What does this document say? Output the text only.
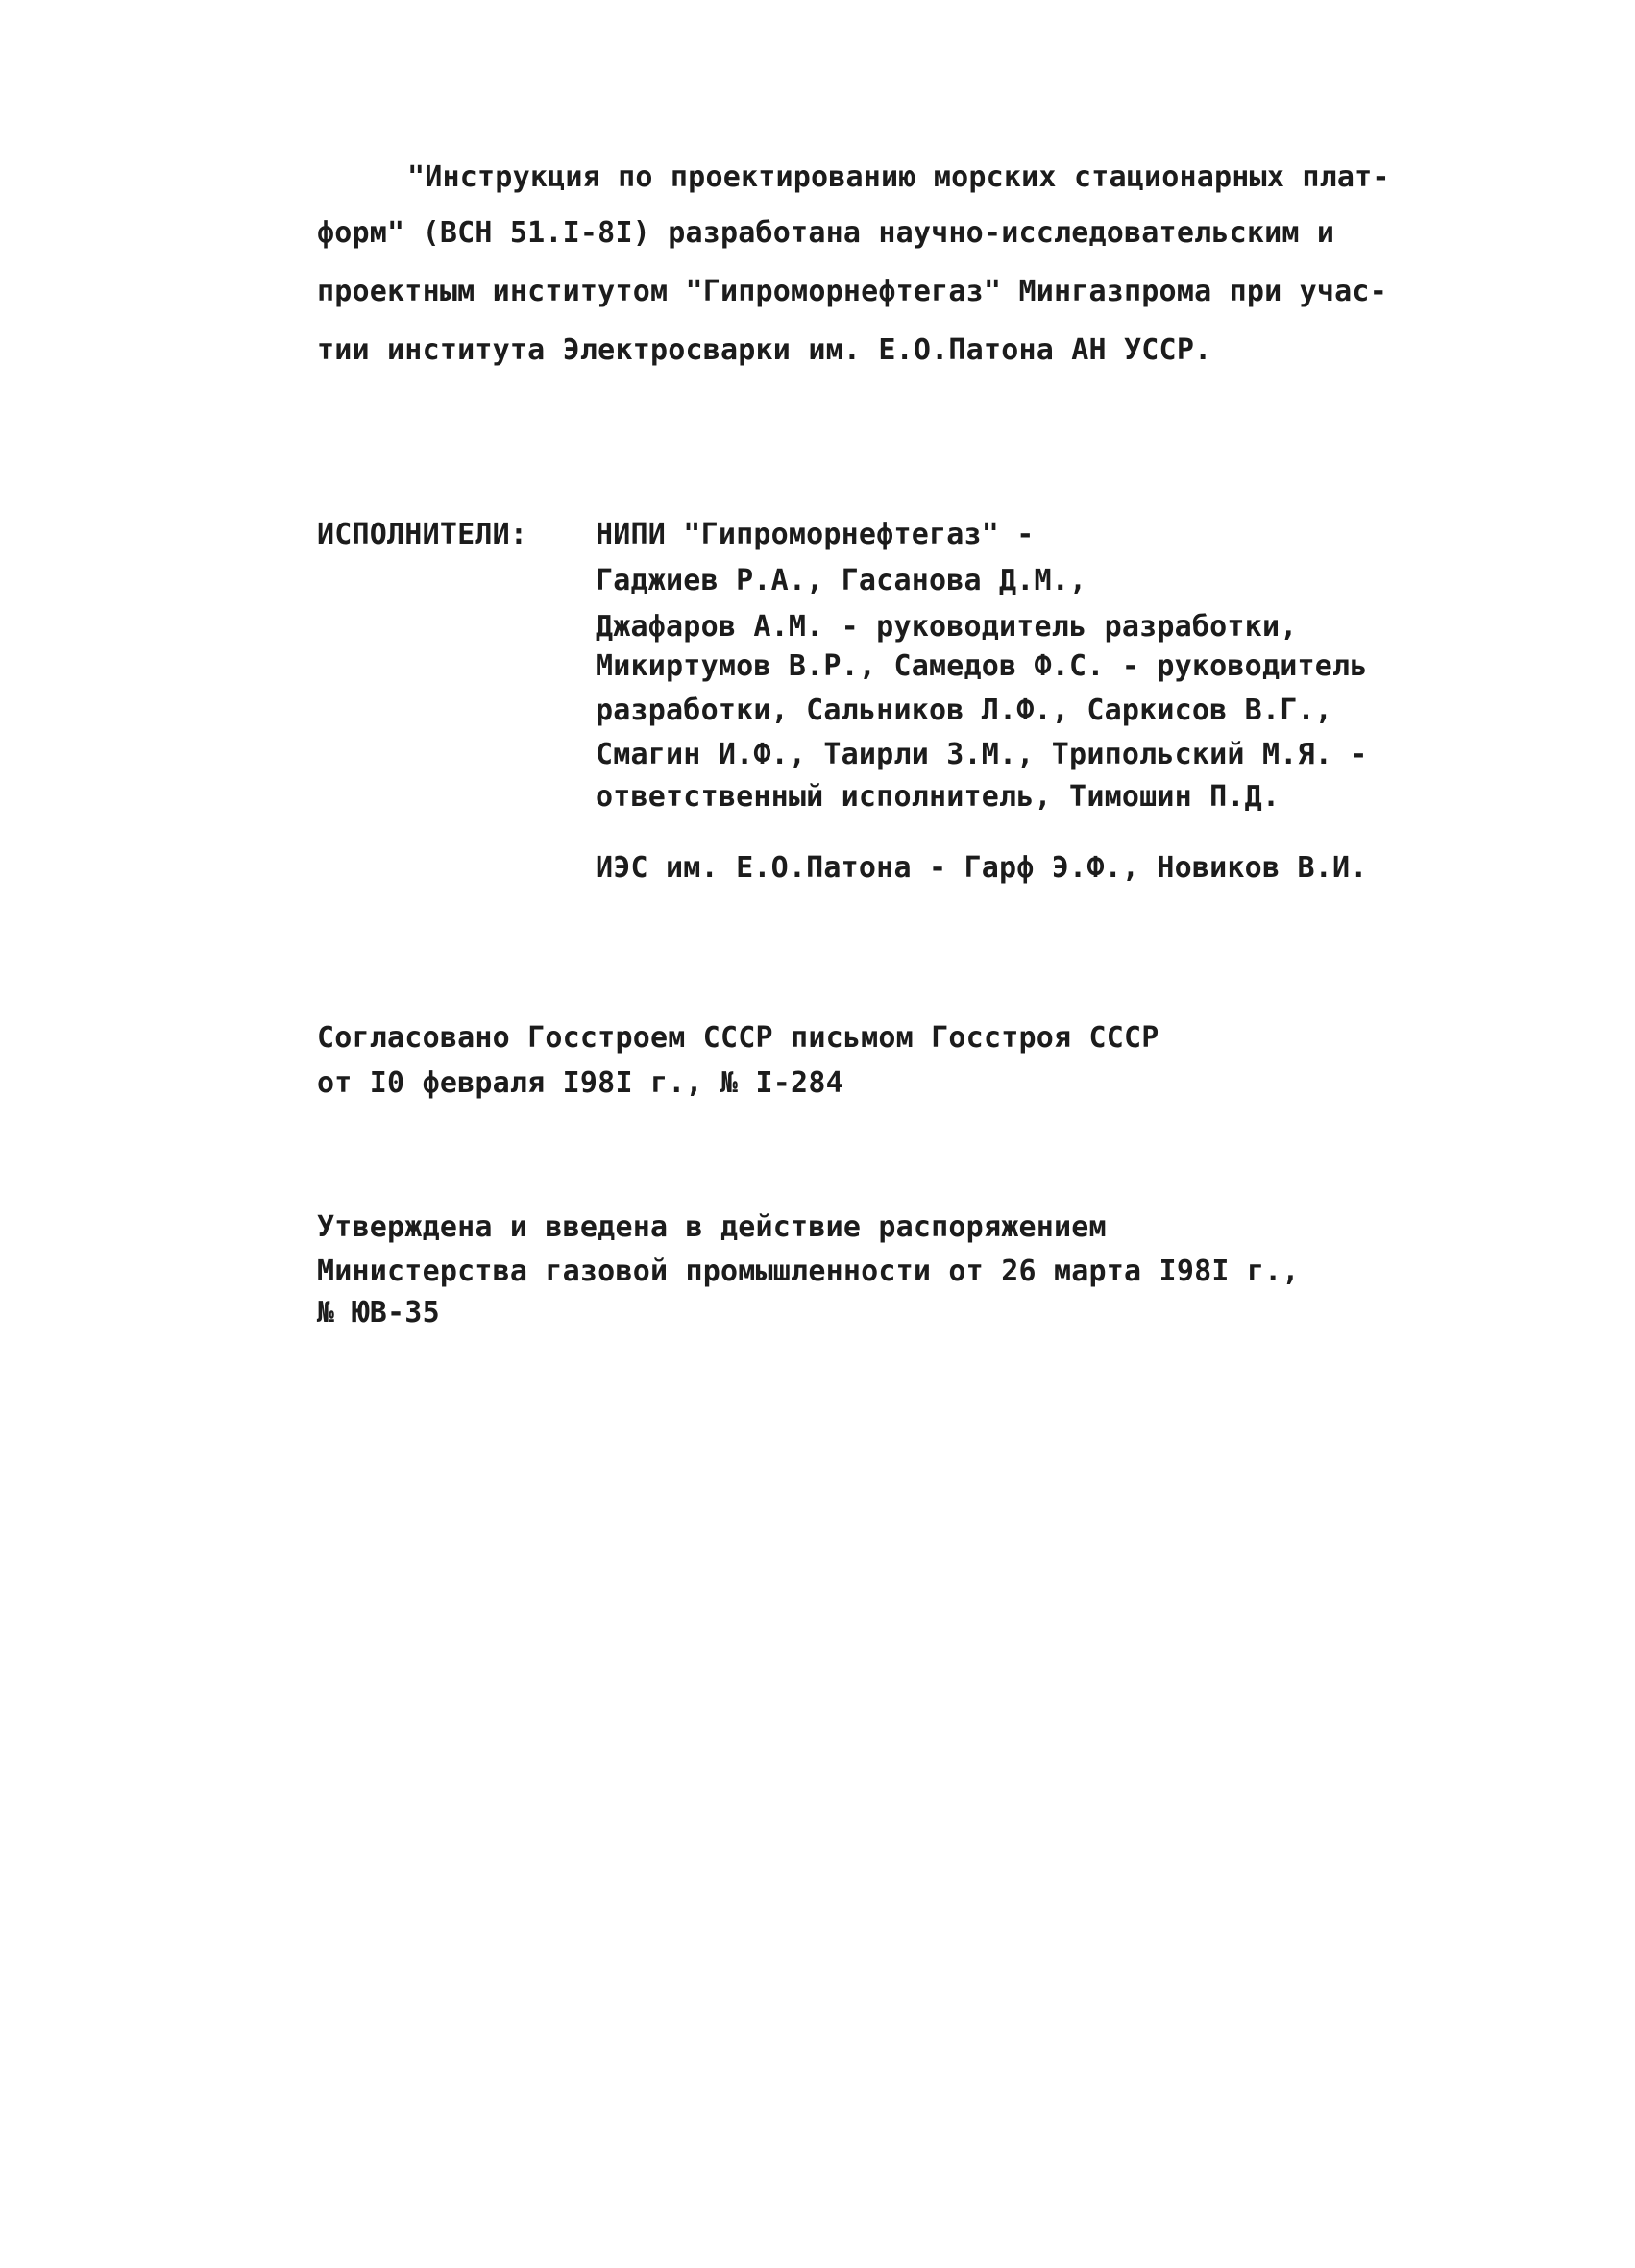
"Инструкция по проектированию морских стационарных плат-
форм" (ВСН 51.I-8I) разработана научно-исследовательским и
проектным институтом "Гипроморнефтегаз" Мингазпрома при учас-
тии института Электросварки им. Е.О.Патона АН УССР.
ИСПОЛНИТЕЛИ: НИПИ "Гипроморнефтегаз" -
Гаджиев Р.А., Гасанова Д.М.,
Джафаров А.М. - руководитель разработки,
Микиртумов В.Р., Самедов Ф.С. - руководитель
разработки, Сальников Л.Ф., Саркисов В.Г.,
Смагин И.Ф., Таирли З.М., Трипольский М.Я. -
ответственный исполнитель, Тимошин П.Д.
ИЭС им. Е.О.Патона - Гарф Э.Ф., Новиков В.И.
Согласовано Госстроем СССР письмом Госстроя СССР
от I0 февраля I98I г., № I-284
Утверждена и введена в действие распоряжением
Министерства газовой промышленности от 26 марта I98I г.,
№ ЮВ-35
